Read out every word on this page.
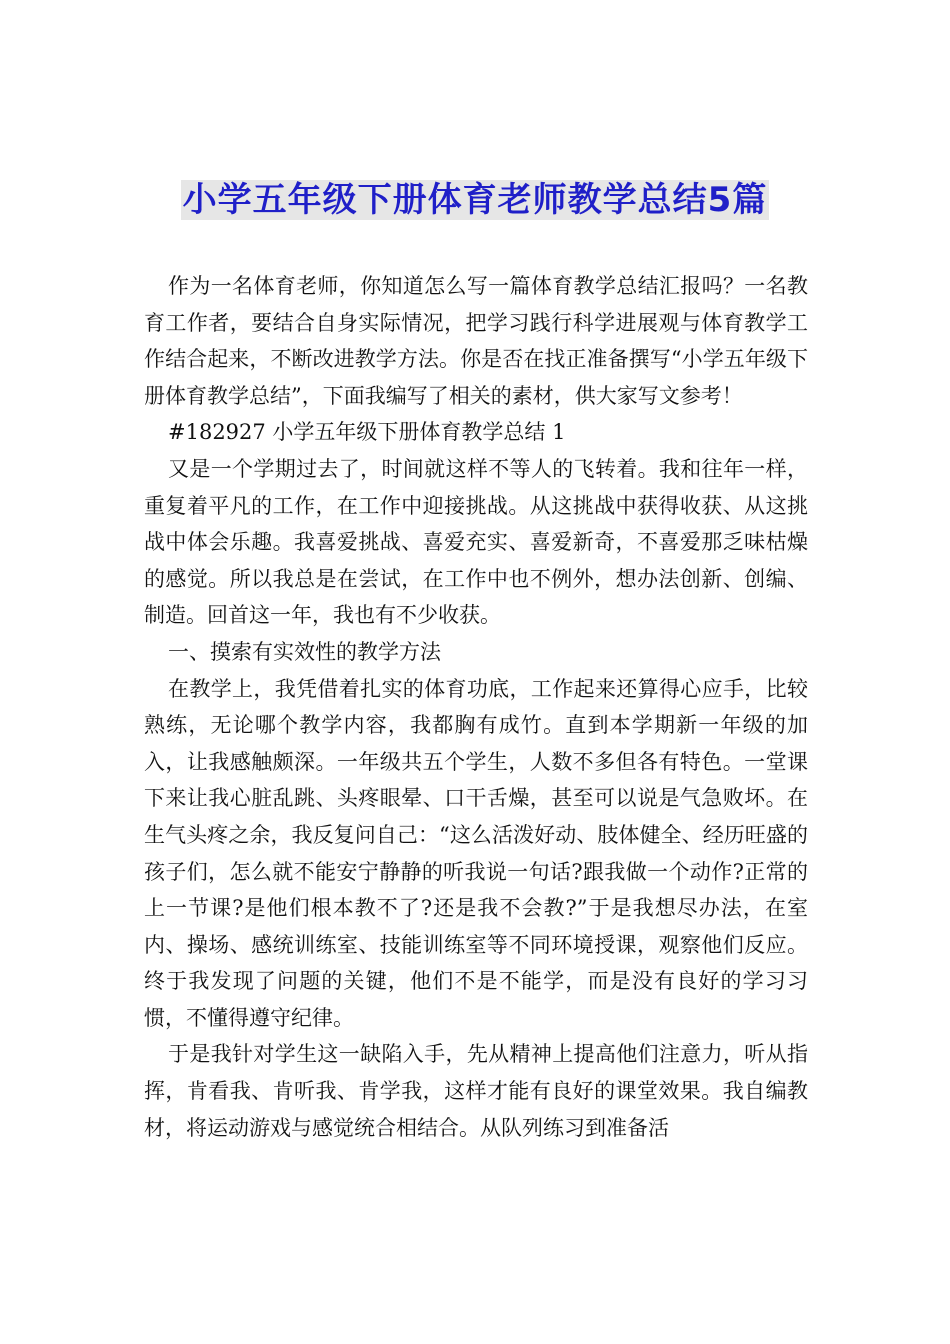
小学五年级下册体育老师教学总结5篇

作为一名体育老师，你知道怎么写一篇体育教学总结汇报吗？一名教育工作者，要结合自身实际情况，把学习践行科学进展观与体育教学工作结合起来，不断改进教学方法。你是否在找正准备撰写“小学五年级下册体育教学总结”，下面我编写了相关的素材，供大家写文参考！

#182927 小学五年级下册体育教学总结 1

又是一个学期过去了，时间就这样不等人的飞转着。我和往年一样，重复着平凡的工作，在工作中迎接挑战。从这挑战中获得收获、从这挑战中体会乐趣。我喜爱挑战、喜爱充实、喜爱新奇，不喜爱那乏味枯燥的感觉。所以我总是在尝试，在工作中也不例外，想办法创新、创编、制造。回首这一年，我也有不少收获。

一、摸索有实效性的教学方法

在教学上，我凭借着扎实的体育功底，工作起来还算得心应手，比较熟练，无论哪个教学内容，我都胸有成竹。直到本学期新一年级的加入，让我感触颇深。一年级共五个学生，人数不多但各有特色。一堂课下来让我心脏乱跳、头疼眼晕、口干舌燥，甚至可以说是气急败坏。在生气头疼之余，我反复问自己：“这么活泼好动、肢体健全、经历旺盛的孩子们，怎么就不能安宁静静的听我说一句话?跟我做一个动作?正常的上一节课?是他们根本教不了?还是我不会教?”于是我想尽办法，在室内、操场、感统训练室、技能训练室等不同环境授课，观察他们反应。终于我发现了问题的关键，他们不是不能学，而是没有良好的学习习惯，不懂得遵守纪律。

于是我针对学生这一缺陷入手，先从精神上提高他们注意力，听从指挥，肯看我、肯听我、肯学我，这样才能有良好的课堂效果。我自编教材，将运动游戏与感觉统合相结合。从队列练习到准备活
